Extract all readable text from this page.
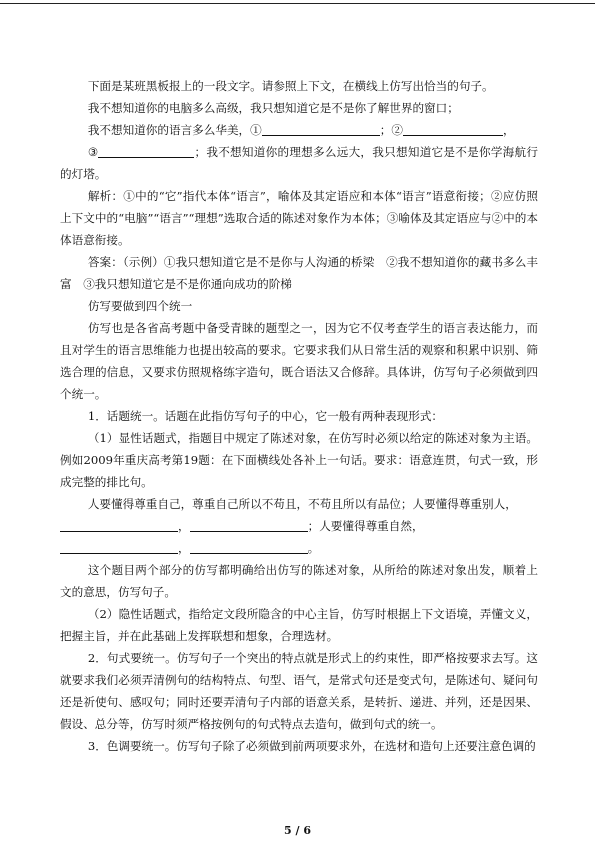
下面是某班黑板报上的一段文字。请参照上下文，在横线上仿写出恰当的句子。

我不想知道你的电脑多么高级，我只想知道它是不是你了解世界的窗口；

我不想知道你的语言多么华美，①	；②	，

③	；我不想知道你的理想多么远大，我只想知道它是不是你学海航行的灯塔。

解析：①中的“它”指代本体“语言”，喻体及其定语应和本体“语言”语意衔接；②应仿照上下文中的“电脑”“语言”“理想”选取合适的陈述对象作为本体；③喻体及其定语应与②中的本体语意衔接。

答案：（示例）①我只想知道它是不是你与人沟通的桥梁　②我不想知道你的藏书多么丰富　③我只想知道它是不是你通向成功的阶梯

仿写要做到四个统一

仿写也是各省高考题中备受青睐的题型之一，因为它不仅考查学生的语言表达能力，而且对学生的语言思维能力也提出较高的要求。它要求我们从日常生活的观察和积累中识别、筛选合理的信息，又要求仿照规格练字造句，既合语法又合修辞。具体讲，仿写句子必须做到四个统一。

1．话题统一。话题在此指仿写句子的中心，它一般有两种表现形式：

（1）显性话题式，指题目中规定了陈述对象，在仿写时必须以给定的陈述对象为主语。例如2009年重庆高考第19题：在下面横线处各补上一句话。要求：语意连贯，句式一致，形成完整的排比句。

人要懂得尊重自己，尊重自己所以不苟且，不苟且所以有品位；人要懂得尊重别人，

，	；人要懂得尊重自然，

，	。

这个题目两个部分的仿写都明确给出仿写的陈述对象，从所给的陈述对象出发，顺着上文的意思，仿写句子。

（2）隐性话题式，指给定文段所隐含的中心主旨，仿写时根据上下文语境，弄懂文义，把握主旨，并在此基础上发挥联想和想象，合理选材。

2．句式要统一。仿写句子一个突出的特点就是形式上的约束性，即严格按要求去写。这就要求我们必须弄清例句的结构特点、句型、语气，是常式句还是变式句，是陈述句、疑问句还是祈使句、感叹句；同时还要弄清句子内部的语意关系，是转折、递进、并列，还是因果、假设、总分等，仿写时须严格按例句的句式特点去造句，做到句式的统一。

3．色调要统一。仿写句子除了必须做到前两项要求外，在选材和造句上还要注意色调的

5 / 6
